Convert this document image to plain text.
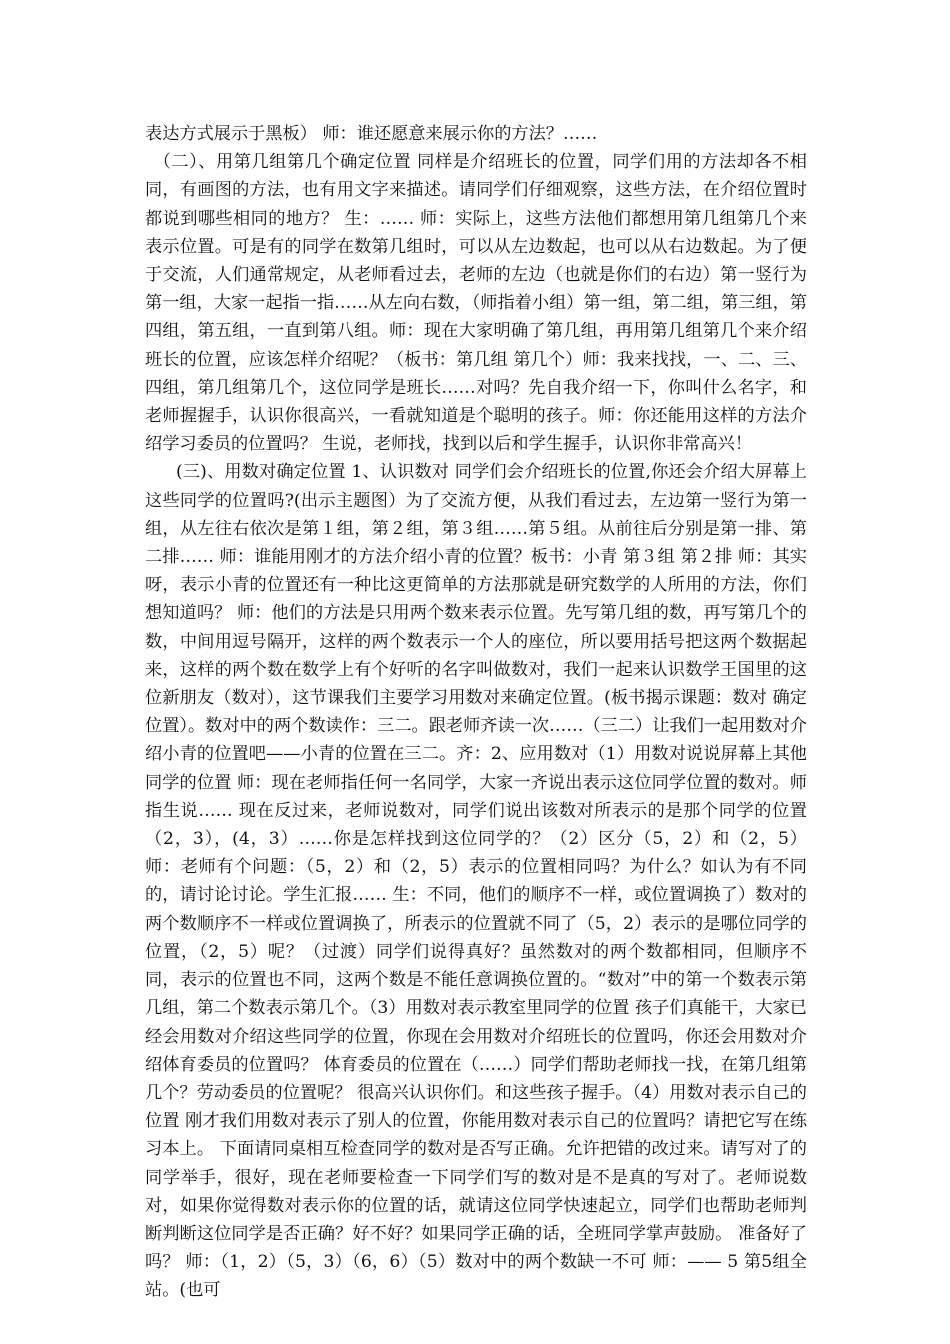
表达方式展示于黑板） 师：谁还愿意来展示你的方法？……

（二）、用第几组第几个确定位置 同样是介绍班长的位置，同学们用的方法却各不相同，有画图的方法，也有用文字来描述。请同学们仔细观察，这些方法，在介绍位置时都说到哪些相同的地方？ 生：…… 师：实际上，这些方法他们都想用第几组第几个来表示位置。可是有的同学在数第几组时，可以从左边数起，也可以从右边数起。为了便于交流，人们通常规定，从老师看过去，老师的左边（也就是你们的右边）第一竖行为第一组，大家一起指一指……从左向右数，（师指着小组）第一组，第二组，第三组，第四组，第五组，一直到第八组。师：现在大家明确了第几组，再用第几组第几个来介绍班长的位置，应该怎样介绍呢？（板书：第几组 第几个）师：我来找找，一、二、三、四组，第几组第几个，这位同学是班长……对吗？先自我介绍一下，你叫什么名字，和老师握握手，认识你很高兴，一看就知道是个聪明的孩子。师：你还能用这样的方法介绍学习委员的位置吗？ 生说，老师找，找到以后和学生握手，认识你非常高兴！

(三)、用数对确定位置 1、认识数对 同学们会介绍班长的位置,你还会介绍大屏幕上这些同学的位置吗?(出示主题图）为了交流方便，从我们看过去，左边第一竖行为第一组，从左往右依次是第１组，第２组，第３组……第５组。从前往后分别是第一排、第二排…… 师：谁能用刚才的方法介绍小青的位置？板书：小青 第３组 第２排 师：其实呀，表示小青的位置还有一种比这更简单的方法那就是研究数学的人所用的方法，你们想知道吗？ 师：他们的方法是只用两个数来表示位置。先写第几组的数，再写第几个的数，中间用逗号隔开，这样的两个数表示一个人的座位，所以要用括号把这两个数据起来，这样的两个数在数学上有个好听的名字叫做数对，我们一起来认识数学王国里的这位新朋友（数对），这节课我们主要学习用数对来确定位置。(板书揭示课题：数对 确定位置）。数对中的两个数读作：三二。跟老师齐读一次……（三二）让我们一起用数对介绍小青的位置吧——小青的位置在三二。齐：2、应用数对（1）用数对说说屏幕上其他同学的位置 师：现在老师指任何一名同学，大家一齐说出表示这位同学位置的数对。师指生说…… 现在反过来，老师说数对，同学们说出该数对所表示的是那个同学的位置（2，3），(4，3）……你是怎样找到这位同学的？（2）区分（5，2）和（2，5）师：老师有个问题：（5，2）和（2，5）表示的位置相同吗？为什么？如认为有不同的，请讨论讨论。学生汇报…… 生：不同，他们的顺序不一样，或位置调换了）数对的两个数顺序不一样或位置调换了，所表示的位置就不同了（5，2）表示的是哪位同学的位置，（2，5）呢？（过渡）同学们说得真好？虽然数对的两个数都相同，但顺序不同，表示的位置也不同，这两个数是不能任意调换位置的。“数对”中的第一个数表示第几组，第二个数表示第几个。（3）用数对表示教室里同学的位置 孩子们真能干，大家已经会用数对介绍这些同学的位置，你现在会用数对介绍班长的位置吗，你还会用数对介绍体育委员的位置吗？ 体育委员的位置在（……）同学们帮助老师找一找，在第几组第几个？劳动委员的位置呢？ 很高兴认识你们。和这些孩子握手。（4）用数对表示自己的位置 刚才我们用数对表示了别人的位置，你能用数对表示自己的位置吗？请把它写在练习本上。 下面请同桌相互检查同学的数对是否写正确。允许把错的改过来。请写对了的同学举手，很好，现在老师要检查一下同学们写的数对是不是真的写对了。老师说数对，如果你觉得数对表示你的位置的话，就请这位同学快速起立，同学们也帮助老师判断判断这位同学是否正确？好不好？如果同学正确的话，全班同学掌声鼓励。 准备好了吗？ 师：（1，2）（5，3）（6，6）（5）数对中的两个数缺一不可 师：—— 5 第5组全站。(也可
